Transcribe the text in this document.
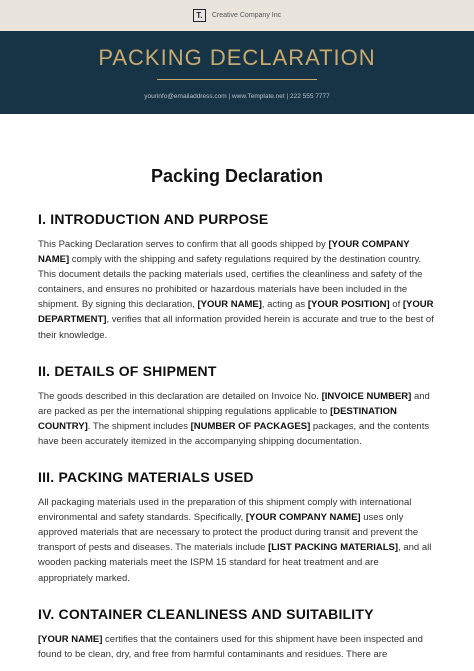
T.	Creative Company Inc
PACKING DECLARATION
yourinfo@emailaddress.com | www.Template.net | 222 555 7777
Packing Declaration
I. INTRODUCTION AND PURPOSE

This Packing Declaration serves to confirm that all goods shipped by [YOUR COMPANY NAME] comply with the shipping and safety regulations required by the destination country. This document details the packing materials used, certifies the cleanliness and safety of the containers, and ensures no prohibited or hazardous materials have been included in the shipment. By signing this declaration, [YOUR NAME], acting as [YOUR POSITION] of [YOUR DEPARTMENT], verifies that all information provided herein is accurate and true to the best of their knowledge.

II. DETAILS OF SHIPMENT

The goods described in this declaration are detailed on Invoice No. [INVOICE NUMBER] and are packed as per the international shipping regulations applicable to [DESTINATION COUNTRY]. The shipment includes [NUMBER OF PACKAGES] packages, and the contents have been accurately itemized in the accompanying shipping documentation.

III. PACKING MATERIALS USED

All packaging materials used in the preparation of this shipment comply with international environmental and safety standards. Specifically, [YOUR COMPANY NAME] uses only approved materials that are necessary to protect the product during transit and prevent the transport of pests and diseases. The materials include [LIST PACKING MATERIALS], and all wooden packing materials meet the ISPM 15 standard for heat treatment and are appropriately marked.

IV. CONTAINER CLEANLINESS AND SUITABILITY

[YOUR NAME] certifies that the containers used for this shipment have been inspected and found to be clean, dry, and free from harmful contaminants and residues. There are
